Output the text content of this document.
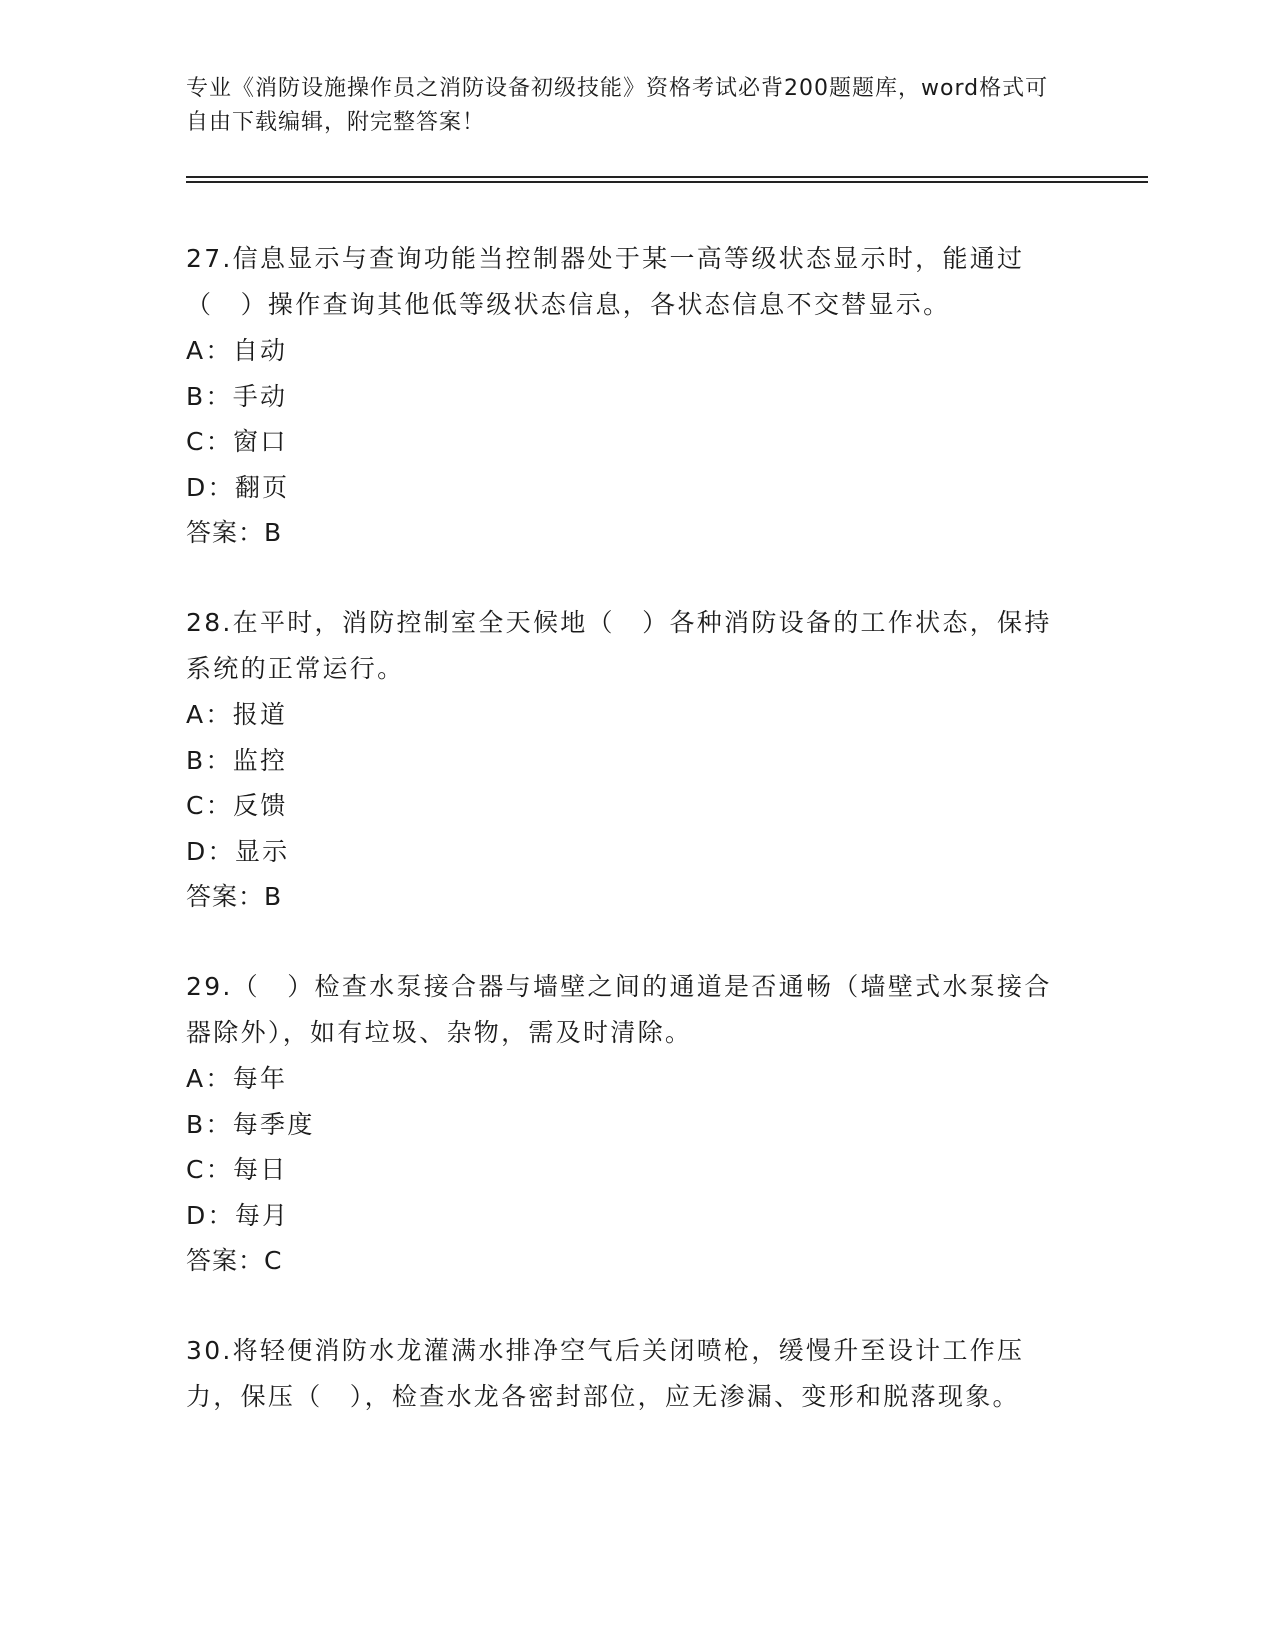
专业《消防设施操作员之消防设备初级技能》资格考试必背200题题库，word格式可自由下载编辑，附完整答案！
27.信息显示与查询功能当控制器处于某一高等级状态显示时，能通过（　）操作查询其他低等级状态信息，各状态信息不交替显示。
A：自动
B：手动
C：窗口
D：翻页
答案：B
28.在平时，消防控制室全天候地（　）各种消防设备的工作状态，保持系统的正常运行。
A：报道
B：监控
C：反馈
D：显示
答案：B
29.（　）检查水泵接合器与墙壁之间的通道是否通畅（墙壁式水泵接合器除外），如有垃圾、杂物，需及时清除。
A：每年
B：每季度
C：每日
D：每月
答案：C
30.将轻便消防水龙灌满水排净空气后关闭喷枪，缓慢升至设计工作压力，保压（　），检查水龙各密封部位，应无渗漏、变形和脱落现象。
